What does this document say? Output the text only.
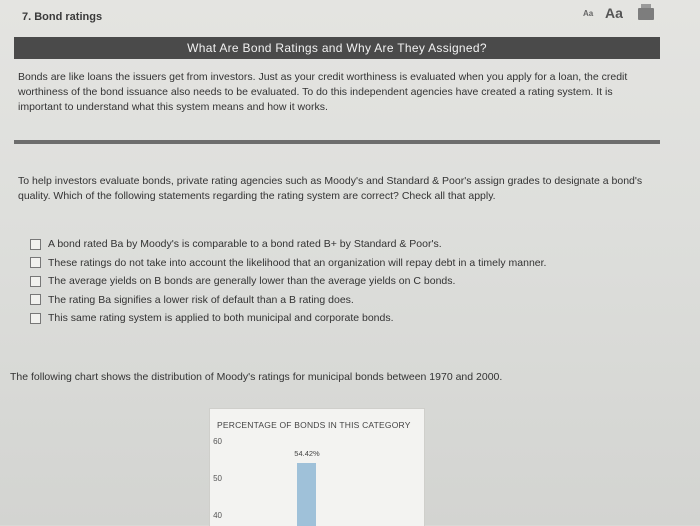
7. Bond ratings	Aa Aa
What Are Bond Ratings and Why Are They Assigned?
Bonds are like loans the issuers get from investors. Just as your credit worthiness is evaluated when you apply for a loan, the credit worthiness of the bond issuance also needs to be evaluated. To do this independent agencies have created a rating system. It is important to understand what this system means and how it works.
To help investors evaluate bonds, private rating agencies such as Moody's and Standard & Poor's assign grades to designate a bond's quality. Which of the following statements regarding the rating system are correct? Check all that apply.
A bond rated Ba by Moody's is comparable to a bond rated B+ by Standard & Poor's.
These ratings do not take into account the likelihood that an organization will repay debt in a timely manner.
The average yields on B bonds are generally lower than the average yields on C bonds.
The rating Ba signifies a lower risk of default than a B rating does.
This same rating system is applied to both municipal and corporate bonds.
The following chart shows the distribution of Moody's ratings for municipal bonds between 1970 and 2000.
PERCENTAGE OF BONDS IN THIS CATEGORY
60
50
40
54.42%
